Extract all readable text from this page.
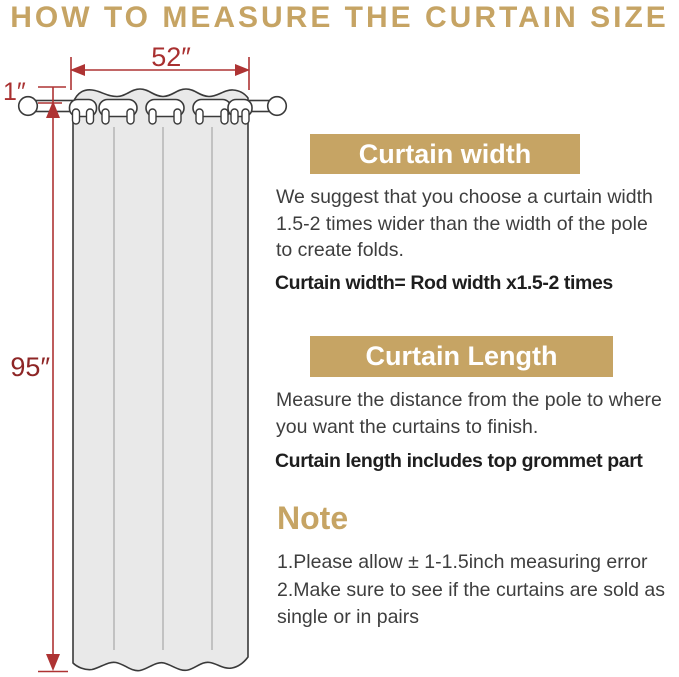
HOW TO MEASURE THE CURTAIN SIZE
52″
1″
95″
Curtain width
We suggest that you choose a curtain width 1.5-2 times wider than the width of the pole to create folds.
Curtain width= Rod width x1.5-2 times
Curtain Length
Measure the distance from the pole to where you want the curtains to finish.
Curtain length includes top grommet part
Note

1.Please allow ± 1-1.5inch measuring error

2.Make sure to see if the curtains are sold as single or in pairs
